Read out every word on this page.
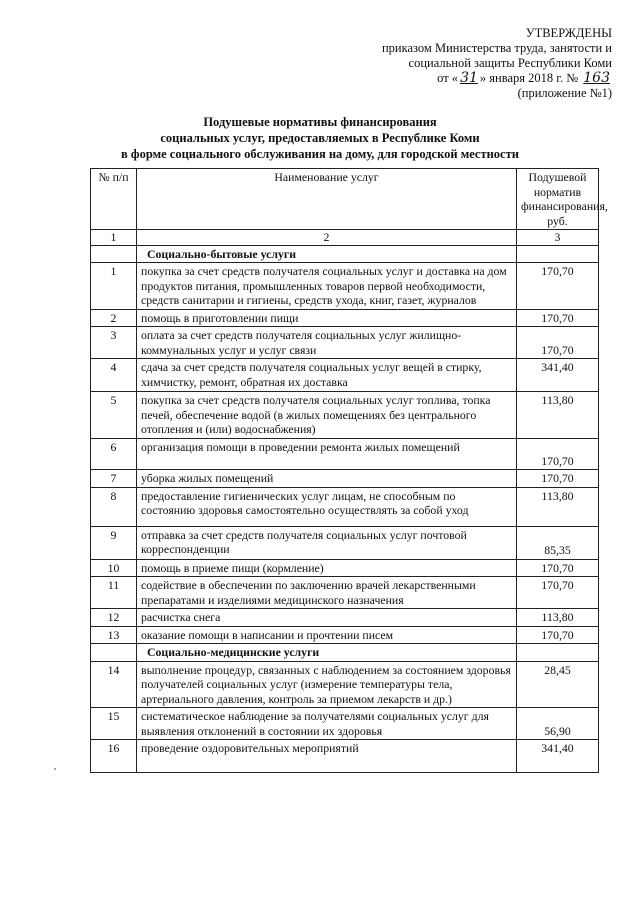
УТВЕРЖДЕНЫ
приказом Министерства труда, занятости и
социальной защиты Республики Коми
от « 31 » января 2018 г. № 163
(приложение №1)
Подушевые нормативы финансирования
социальных услуг, предоставляемых в Республике Коми
в форме социального обслуживания на дому, для городской местности
№ п/п	Наименование услуг	Подушевой норматив финансирования, руб.
1	2	3
	Социально-бытовые услуги	
1	покупка за счет средств получателя социальных услуг и доставка на дом продуктов питания, промышленных товаров первой необходимости, средств санитарии и гигиены, средств ухода, книг, газет, журналов	170,70
2	помощь в приготовлении пищи	170,70
3	оплата за счет средств получателя социальных услуг жилищно-коммунальных услуг и услуг связи	170,70
4	сдача за счет средств получателя социальных услуг вещей в стирку, химчистку, ремонт, обратная их доставка	341,40
5	покупка за счет средств получателя социальных услуг топлива, топка печей, обеспечение водой (в жилых помещениях без центрального отопления и (или) водоснабжения)	113,80
6	организация помощи в проведении ремонта жилых помещений	170,70
7	уборка жилых помещений	170,70
8	предоставление гигиенических услуг лицам, не способным по состоянию здоровья самостоятельно осуществлять за собой уход	113,80
9	отправка за счет средств получателя социальных услуг почтовой корреспонденции	85,35
10	помощь в приеме пищи (кормление)	170,70
11	содействие в обеспечении по заключению врачей лекарственными препаратами и изделиями медицинского назначения	170,70
12	расчистка снега	113,80
13	оказание помощи в написании и прочтении писем	170,70
	Социально-медицинские услуги	
14	выполнение процедур, связанных с наблюдением за состоянием здоровья получателей социальных услуг (измерение температуры тела, артериального давления, контроль за приемом лекарств и др.)	28,45
15	систематическое наблюдение за получателями социальных услуг для выявления отклонений в состоянии их здоровья	56,90
16	проведение оздоровительных мероприятий	341,40
